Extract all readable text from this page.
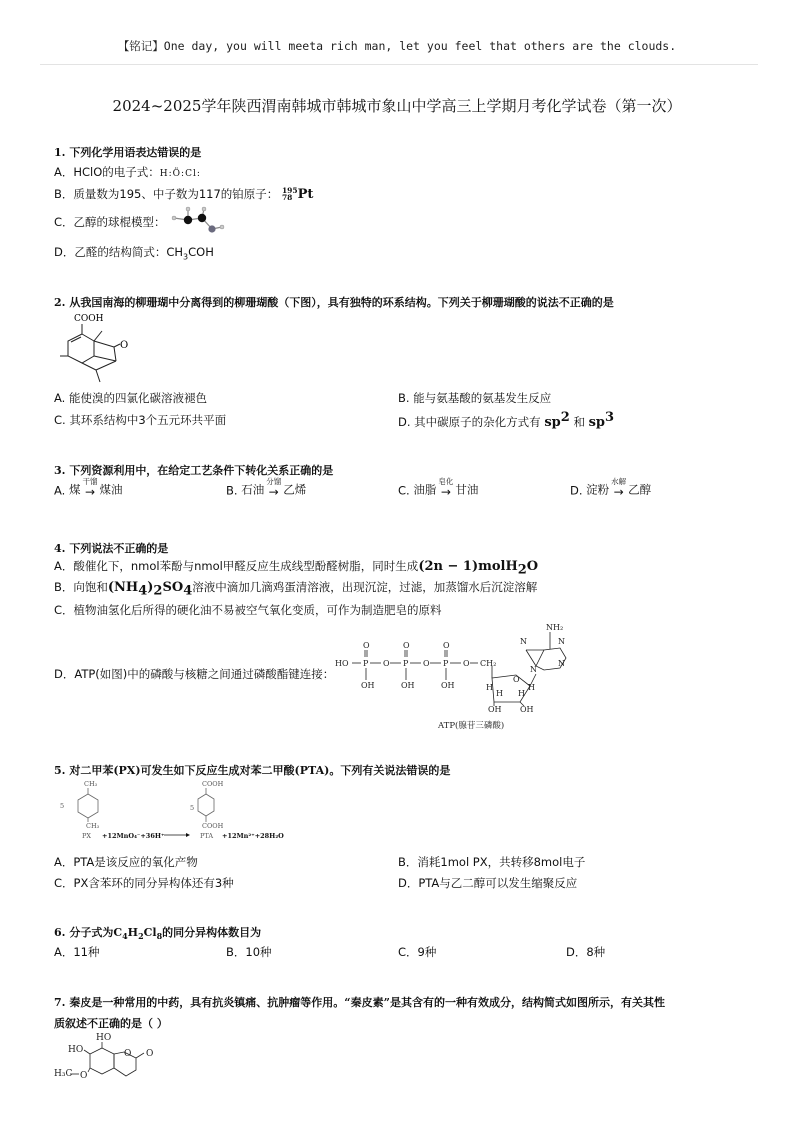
【铭记】One day, you will meeta rich man, let you feel that others are the clouds.
2024~2025学年陕西渭南韩城市韩城市象山中学高三上学期月考化学试卷（第一次）
1. 下列化学用语表达错误的是
A．HClO的电子式：H:Ö:Cl:
B．质量数为195、中子数为117的铂原子： 195
78 Pt
C．乙醇的球棍模型：
D．乙醛的结构简式：$CH_3COH$
2. 从我国南海的柳珊瑚中分离得到的柳珊瑚酸（下图），具有独特的环系结构。下列关于柳珊瑚酸的说法不正确的是
COOH
O
A. 能使溴的四氯化碳溶液褪色	B. 能与氨基酸的氨基发生反应
C. 其环系结构中3个五元环共平面	D. 其中碳原子的杂化方式有 $sp^2$ 和 $sp^3$
3. 下列资源利用中，在给定工艺条件下转化关系正确的是
A. 煤
干馏
→ 煤油	B. 石油
分馏
→ 乙烯	C. 油脂
皂化
→ 甘油	D. 淀粉
水解
→ 乙醇
4. 下列说法不正确的是
A．酸催化下，nmol苯酚与nmol甲醛反应生成线型酚醛树脂，同时生成(2n − 1)molH$_2$O
B．向饱和$(NH_4)_2SO_4$溶液中滴加几滴鸡蛋清溶液，出现沉淀，过滤，加蒸馏水后沉淀溶解
C．植物油氢化后所得的硬化油不易被空气氧化变质，可作为制造肥皂的原料
D．ATP(如图)中的磷酸与核糖之间通过磷酸酯键连接：
O	O	O
HO P O P O P O CH₂
OH	OH	OH
NH₂
N
N
N
N
O
H	H
H H
OH OH
ATP(腺苷三磷酸)
5. 对二甲苯(PX)可发生如下反应生成对苯二甲酸(PTA)。下列有关说法错误的是
CH₃
CH₃
5
PX
COOH
COOH
5
PTA
+12MnO₄⁻+36H⁺	+12Mn²⁺+28H₂O
A．PTA是该反应的氧化产物	B．消耗1mol PX，共转移8mol电子
C．PX含苯环的同分异构体还有3种	D．PTA与乙二醇可以发生缩聚反应
6. 分子式为$C_4H_2Cl_8$的同分异构体数目为
A．11种	B．10种	C．9种	D．8种
7. 秦皮是一种常用的中药，具有抗炎镇痛、抗肿瘤等作用。“秦皮素”是其含有的一种有效成分，结构简式如图所示，有关其性
质叙述不正确的是（ ）
HO
HO	O O
H₃C O
